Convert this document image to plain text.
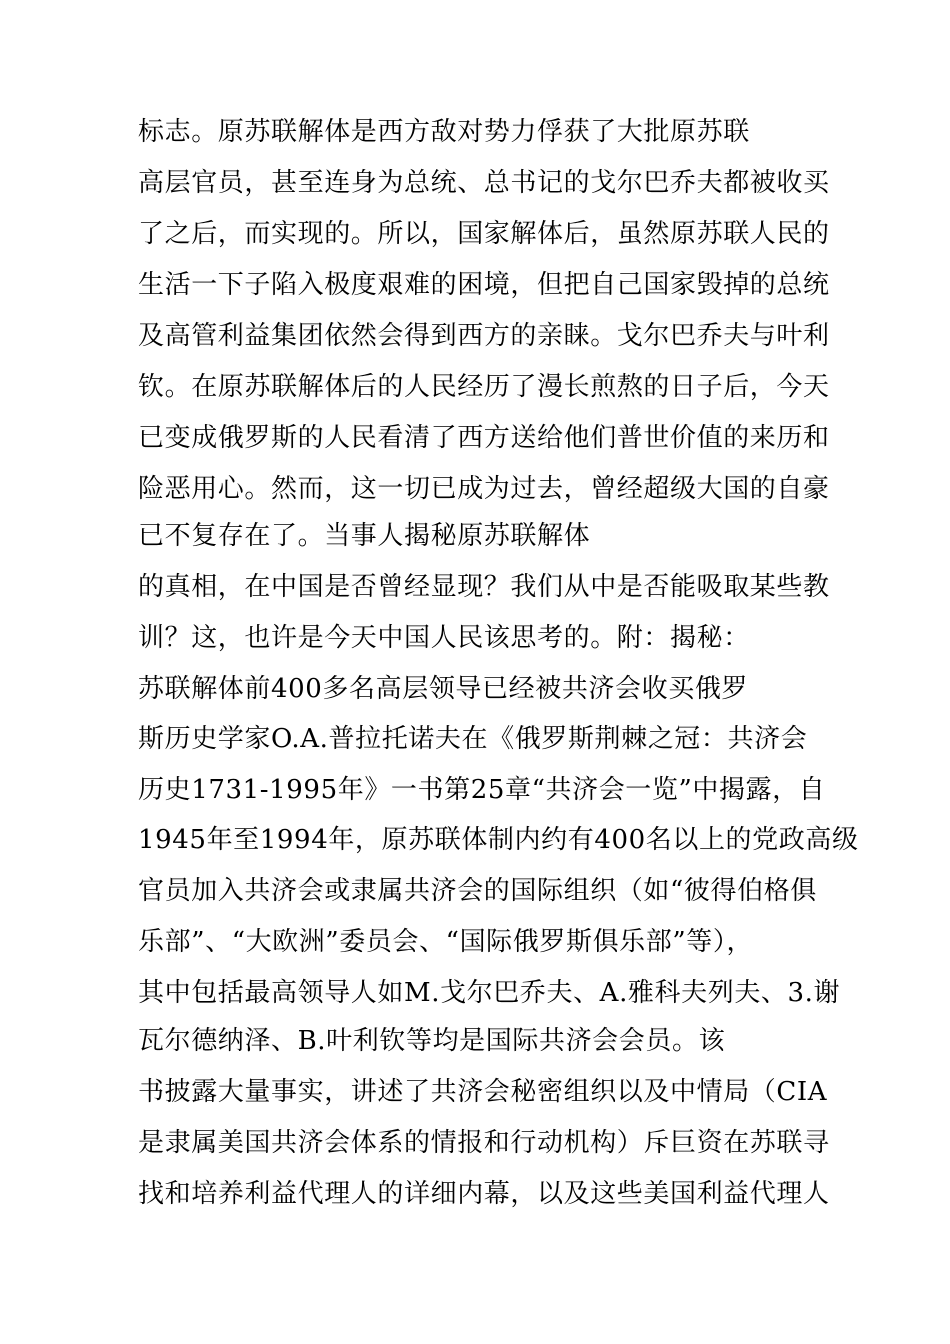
标志。原苏联解体是西方敌对势力俘获了大批原苏联
高层官员，甚至连身为总统、总书记的戈尔巴乔夫都被收买
了之后，而实现的。所以，国家解体后，虽然原苏联人民的
生活一下子陷入极度艰难的困境，但把自己国家毁掉的总统
及高管利益集团依然会得到西方的亲睐。戈尔巴乔夫与叶利
钦。在原苏联解体后的人民经历了漫长煎熬的日子后，今天
已变成俄罗斯的人民看清了西方送给他们普世价值的来历和
险恶用心。然而，这一切已成为过去，曾经超级大国的自豪
已不复存在了。当事人揭秘原苏联解体
的真相，在中国是否曾经显现？我们从中是否能吸取某些教
训？这，也许是今天中国人民该思考的。附：揭秘：
苏联解体前400多名高层领导已经被共济会收买俄罗
斯历史学家O.A.普拉托诺夫在《俄罗斯荆棘之冠：共济会
历史1731-1995年》一书第25章“共济会一览”中揭露，自
1945年至1994年，原苏联体制内约有400名以上的党政高级
官员加入共济会或隶属共济会的国际组织（如“彼得伯格俱
乐部”、“大欧洲”委员会、“国际俄罗斯俱乐部”等），
其中包括最高领导人如M.戈尔巴乔夫、A.雅科夫列夫、3.谢
瓦尔德纳泽、B.叶利钦等均是国际共济会会员。该
书披露大量事实，讲述了共济会秘密组织以及中情局（CIA
是隶属美国共济会体系的情报和行动机构）斥巨资在苏联寻
找和培养利益代理人的详细内幕，以及这些美国利益代理人
